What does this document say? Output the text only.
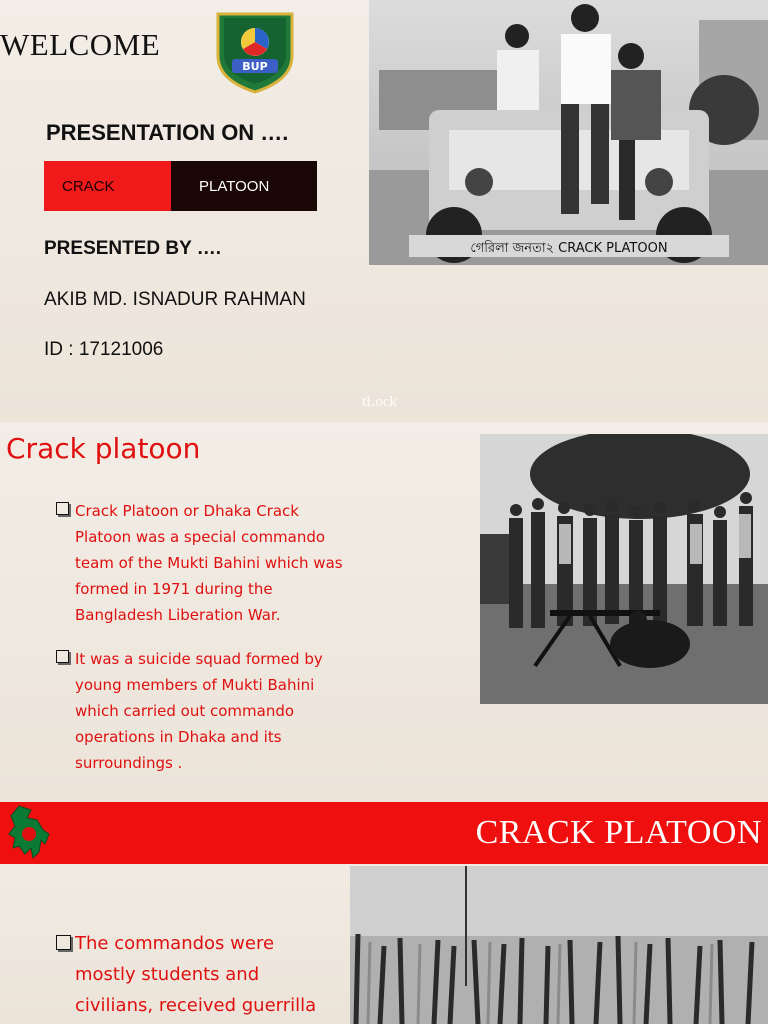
WELCOME
BUP
PRESENTATION ON ….
CRACK	PLATOON
PRESENTED BY ….
AKIB MD. ISNADUR RAHMAN
ID : 17121006
গেরিলা জনতা২ CRACK PLATOON
tLock
Crack platoon
Crack Platoon or Dhaka Crack Platoon was a special commando team of the Mukti Bahini which was formed in 1971 during the Bangladesh Liberation War.
It was a suicide squad formed by young members of Mukti Bahini which carried out commando operations in Dhaka and its surroundings .
CRACK PLATOON
The commandos were mostly students and civilians, received guerrilla
